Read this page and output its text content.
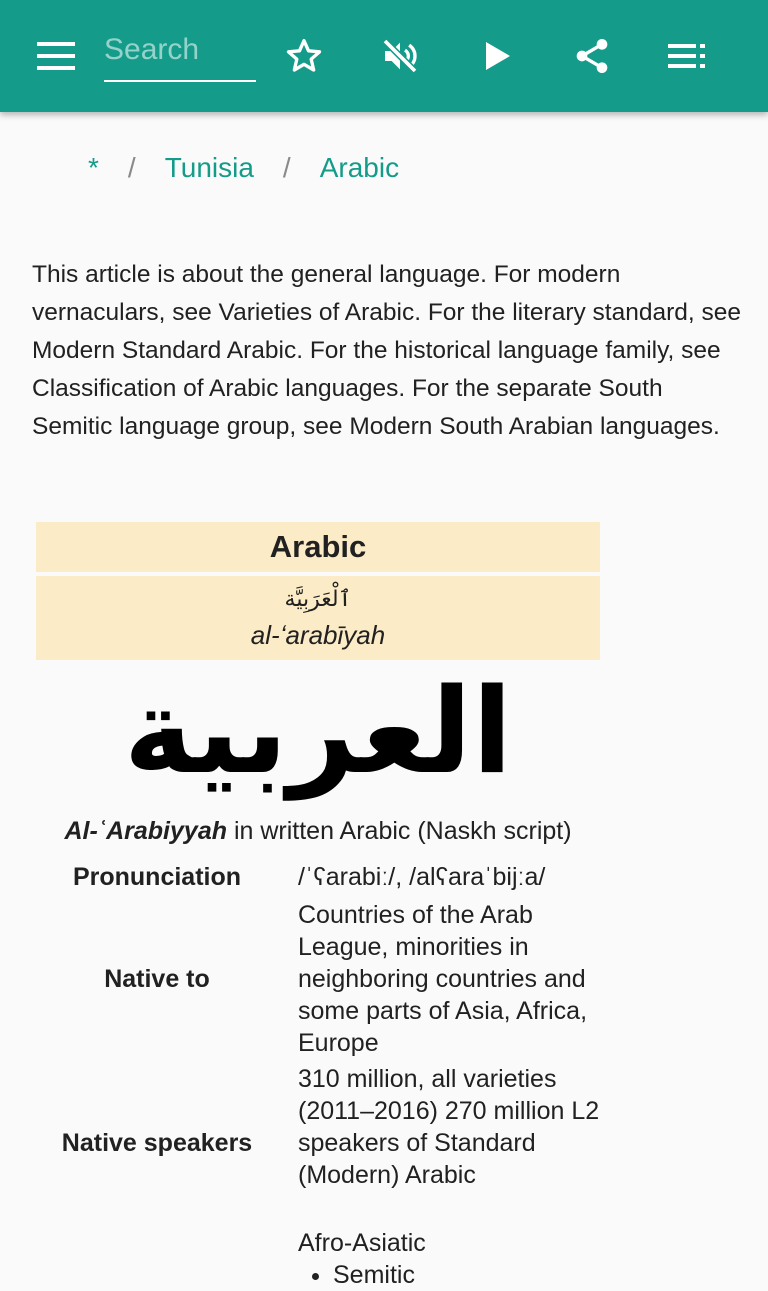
Search
* / Tunisia / Arabic

This article is about the general language. For modern vernaculars, see Varieties of Arabic. For the literary standard, see Modern Standard Arabic. For the historical language family, see Classification of Arabic languages. For the separate South Semitic language group, see Modern South Arabian languages.

Arabic
ٱلْعَرَبِيَّة
al-ʻarabīyah
العربية
Al-ʿArabiyyah in written Arabic (Naskh script)
Pronunciation	/ˈʕarabiː/, /alʕaraˈbijːa/
Native to
Countries of the Arab League, minorities in neighboring countries and some parts of Asia, Africa, Europe
Native speakers
310 million, all varieties (2011–2016) 270 million L2 speakers of Standard (Modern) Arabic
Afro-Asiatic
• Semitic
